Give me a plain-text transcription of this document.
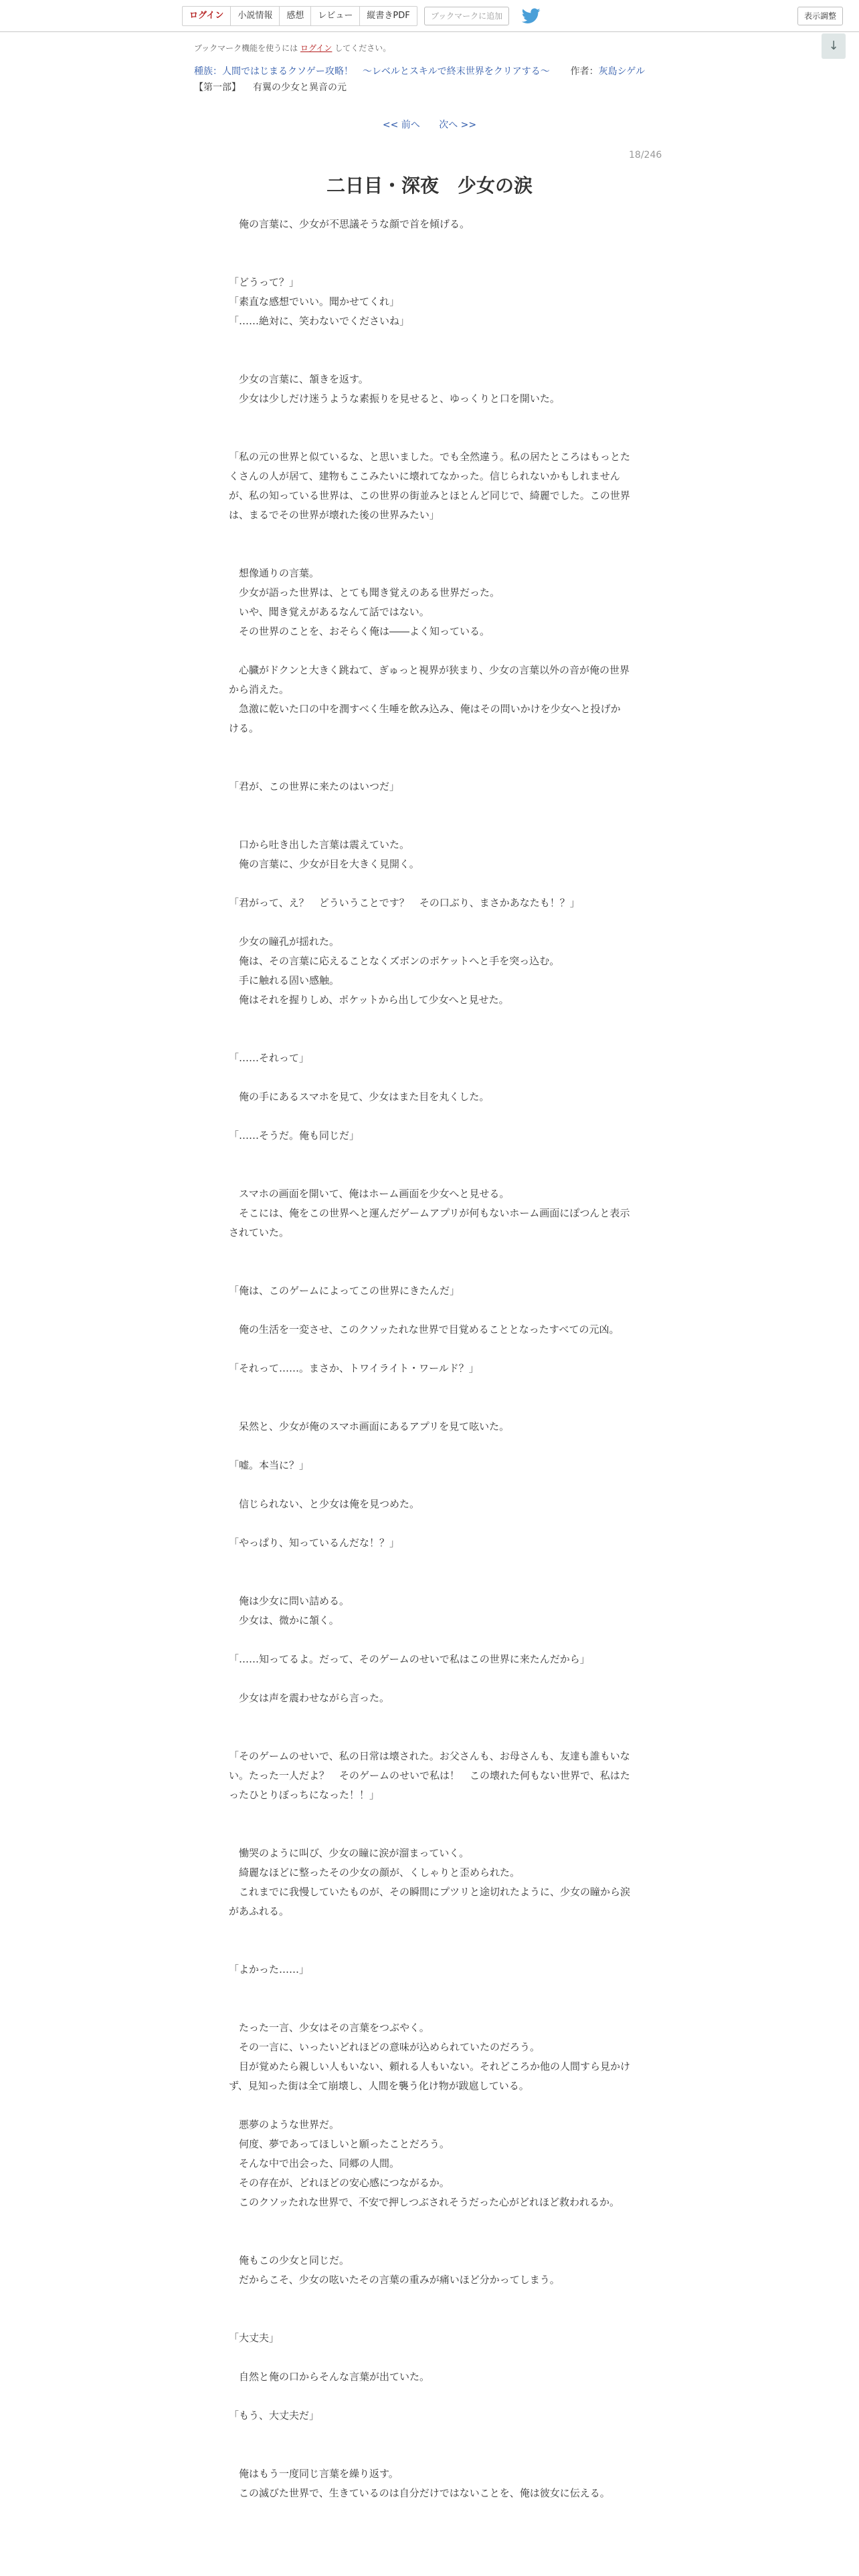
ログイン	小説情報	感想	レビュー	縦書きPDF	ブックマークに追加	表示調整
↓
ブックマーク機能を使うには ログイン してください。
種族：人間ではじまるクソゲー攻略！　～レベルとスキルで終末世界をクリアする～ 作者：灰島シゲル
【第一部】 有翼の少女と異音の元
<< 前へ 次へ >>
18/246
二日目・深夜　少女の涙

　俺の言葉に、少女が不思議そうな顔で首を傾げる。

「どうって？」

「素直な感想でいい。聞かせてくれ」

「……絶対に、笑わないでくださいね」

　少女の言葉に、頷きを返す。

　少女は少しだけ迷うような素振りを見せると、ゆっくりと口を開いた。

「私の元の世界と似ているな、と思いました。でも全然違う。私の居たところはもっとたくさんの人が居て、建物もここみたいに壊れてなかった。信じられないかもしれませんが、私の知っている世界は、この世界の街並みとほとんど同じで、綺麗でした。この世界は、まるでその世界が壊れた後の世界みたい」

　想像通りの言葉。

　少女が語った世界は、とても聞き覚えのある世界だった。

　いや、聞き覚えがあるなんて話ではない。

　その世界のことを、おそらく俺は――よく知っている。

　心臓がドクンと大きく跳ねて、ぎゅっと視界が狭まり、少女の言葉以外の音が俺の世界から消えた。

　急激に乾いた口の中を潤すべく生唾を飲み込み、俺はその問いかけを少女へと投げかける。

「君が、この世界に来たのはいつだ」

　口から吐き出した言葉は震えていた。

　俺の言葉に、少女が目を大きく見開く。

「君がって、え？　どういうことです？　その口ぶり、まさかあなたも！？」

　少女の瞳孔が揺れた。

　俺は、その言葉に応えることなくズボンのポケットへと手を突っ込む。

　手に触れる固い感触。

　俺はそれを握りしめ、ポケットから出して少女へと見せた。

「……それって」

　俺の手にあるスマホを見て、少女はまた目を丸くした。

「……そうだ。俺も同じだ」

　スマホの画面を開いて、俺はホーム画面を少女へと見せる。

　そこには、俺をこの世界へと運んだゲームアプリが何もないホーム画面にぽつんと表示されていた。

「俺は、このゲームによってこの世界にきたんだ」

　俺の生活を一変させ、このクソッたれな世界で目覚めることとなったすべての元凶。

「それって……。まさか、トワイライト・ワールド？」

　呆然と、少女が俺のスマホ画面にあるアプリを見て呟いた。

「嘘。本当に？」

　信じられない、と少女は俺を見つめた。

「やっぱり、知っているんだな！？」

　俺は少女に問い詰める。

　少女は、微かに頷く。

「……知ってるよ。だって、そのゲームのせいで私はこの世界に来たんだから」

　少女は声を震わせながら言った。

「そのゲームのせいで、私の日常は壊された。お父さんも、お母さんも、友達も誰もいない。たった一人だよ？　そのゲームのせいで私は！　この壊れた何もない世界で、私はたったひとりぼっちになった！！」

　慟哭のように叫び、少女の瞳に涙が溜まっていく。

　綺麗なほどに整ったその少女の顔が、くしゃりと歪められた。

　これまでに我慢していたものが、その瞬間にプツリと途切れたように、少女の瞳から涙があふれる。

「よかった……」

　たった一言、少女はその言葉をつぶやく。

　その一言に、いったいどれほどの意味が込められていたのだろう。

　目が覚めたら親しい人もいない、頼れる人もいない。それどころか他の人間すら見かけず、見知った街は全て崩壊し、人間を襲う化け物が跋扈している。

　悪夢のような世界だ。

　何度、夢であってほしいと願ったことだろう。

　そんな中で出会った、同郷の人間。

　その存在が、どれほどの安心感につながるか。

　このクソッたれな世界で、不安で押しつぶされそうだった心がどれほど救われるか。

　俺もこの少女と同じだ。

　だからこそ、少女の呟いたその言葉の重みが痛いほど分かってしまう。

「大丈夫」

　自然と俺の口からそんな言葉が出ていた。

「もう、大丈夫だ」

　俺はもう一度同じ言葉を繰り返す。

　この滅びた世界で、生きているのは自分だけではないことを、俺は彼女に伝える。
